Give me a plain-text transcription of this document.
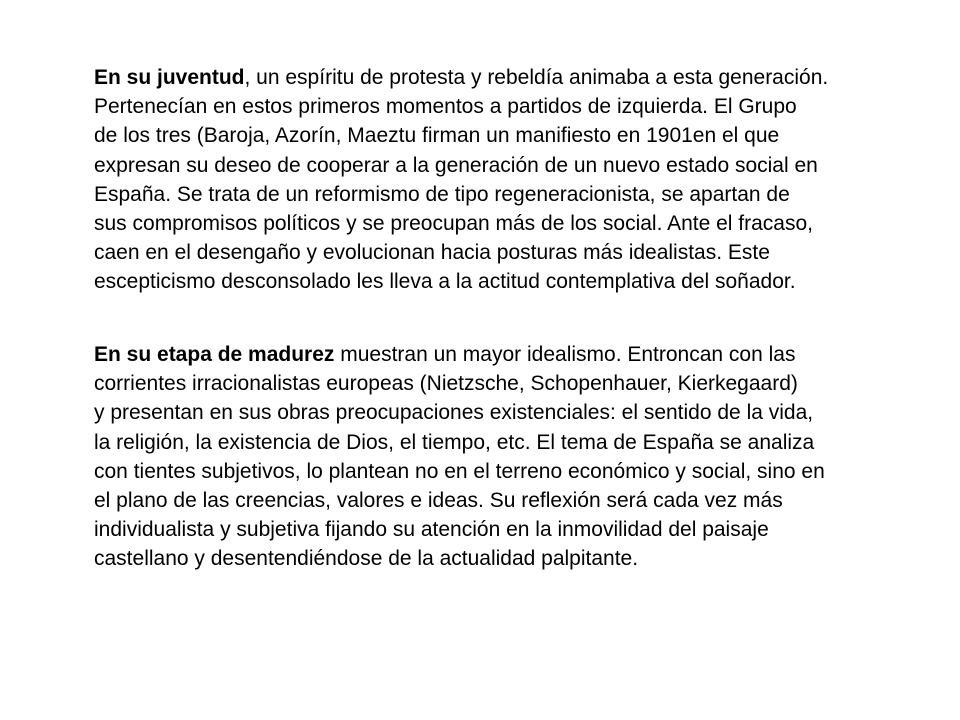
En su juventud, un espíritu de protesta y rebeldía animaba a esta generación.
Pertenecían en estos primeros momentos a partidos de izquierda. El Grupo
de los tres (Baroja, Azorín, Maeztu firman un manifiesto en 1901en el que
expresan su deseo de cooperar a la generación de un nuevo estado social en
España. Se trata de un reformismo de tipo regeneracionista, se apartan de
sus compromisos políticos y se preocupan más de los social. Ante el fracaso,
caen en el desengaño y evolucionan hacia posturas más idealistas. Este
escepticismo desconsolado les lleva a la actitud contemplativa del soñador.

En su etapa de madurez muestran un mayor idealismo. Entroncan con las
corrientes irracionalistas europeas (Nietzsche, Schopenhauer, Kierkegaard)
y presentan en sus obras preocupaciones existenciales: el sentido de la vida,
la religión, la existencia de Dios, el tiempo, etc. El tema de España se analiza
con tientes subjetivos, lo plantean no en el terreno económico y social, sino en
el plano de las creencias, valores e ideas. Su reflexión será cada vez más
individualista y subjetiva fijando su atención en la inmovilidad del paisaje
castellano y desentendiéndose de la actualidad palpitante.
